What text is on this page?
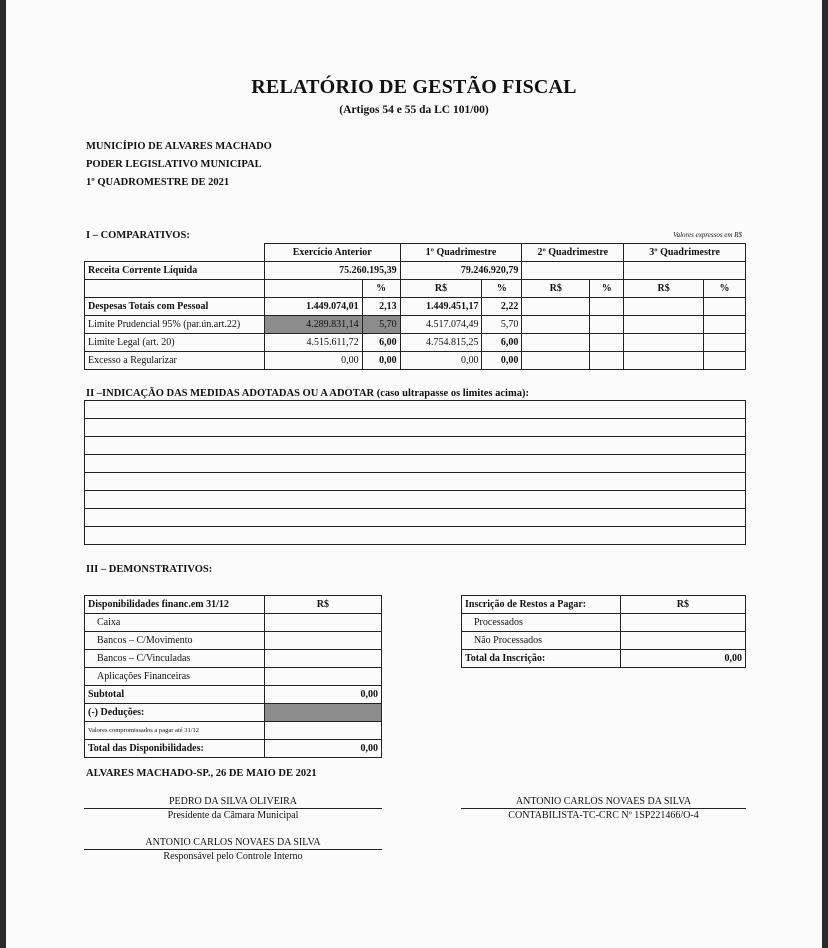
RELATÓRIO DE GESTÃO FISCAL
(Artigos 54 e 55 da LC 101/00)
MUNICÍPIO DE ALVARES MACHADO
PODER LEGISLATIVO MUNICIPAL
1º QUADROMESTRE DE 2021
I – COMPARATIVOS:	Valores expressos em R$
	Exercício Anterior		1º Quadrimestre		2º Quadrimestre		3º Quadrimestre	
Receita Corrente Líquida	75.260.195,39		79.246.920,79					
		%	R$	%	R$	%	R$	%
Despesas Totais com Pessoal	1.449.074,01	2,13	1.449.451,17	2,22				
Limite Prudencial 95% (par.ún.art.22)	4.289.831,14	5,70	4.517.074,49	5,70				
Limite Legal (art. 20)	4.515.611,72	6,00	4.754.815,25	6,00				
Excesso a Regularizar	0,00	0,00	0,00	0,00				
II –INDICAÇÃO DAS MEDIDAS ADOTADAS OU A ADOTAR (caso ultrapasse os limites acima):

III – DEMONSTRATIVOS:
Disponibilidades financ.em 31/12	R$
Caixa	
Bancos – C/Movimento	
Bancos – C/Vinculadas	
Aplicações Financeiras	
Subtotal	0,00
(-) Deduções:	
Valores compromissados a pagar até 31/12	
Total das Disponibilidades:	0,00
Inscrição de Restos a Pagar:	R$
Processados	
Não Processados	
Total da Inscrição:	0,00
ALVARES MACHADO-SP., 26 DE MAIO DE 2021
PEDRO DA SILVA OLIVEIRA
Presidente da Câmara Municipal
ANTONIO CARLOS NOVAES DA SILVA
CONTABILISTA-TC-CRC Nº 1SP221466/O-4
ANTONIO CARLOS NOVAES DA SILVA
Responsável pelo Controle Interno
